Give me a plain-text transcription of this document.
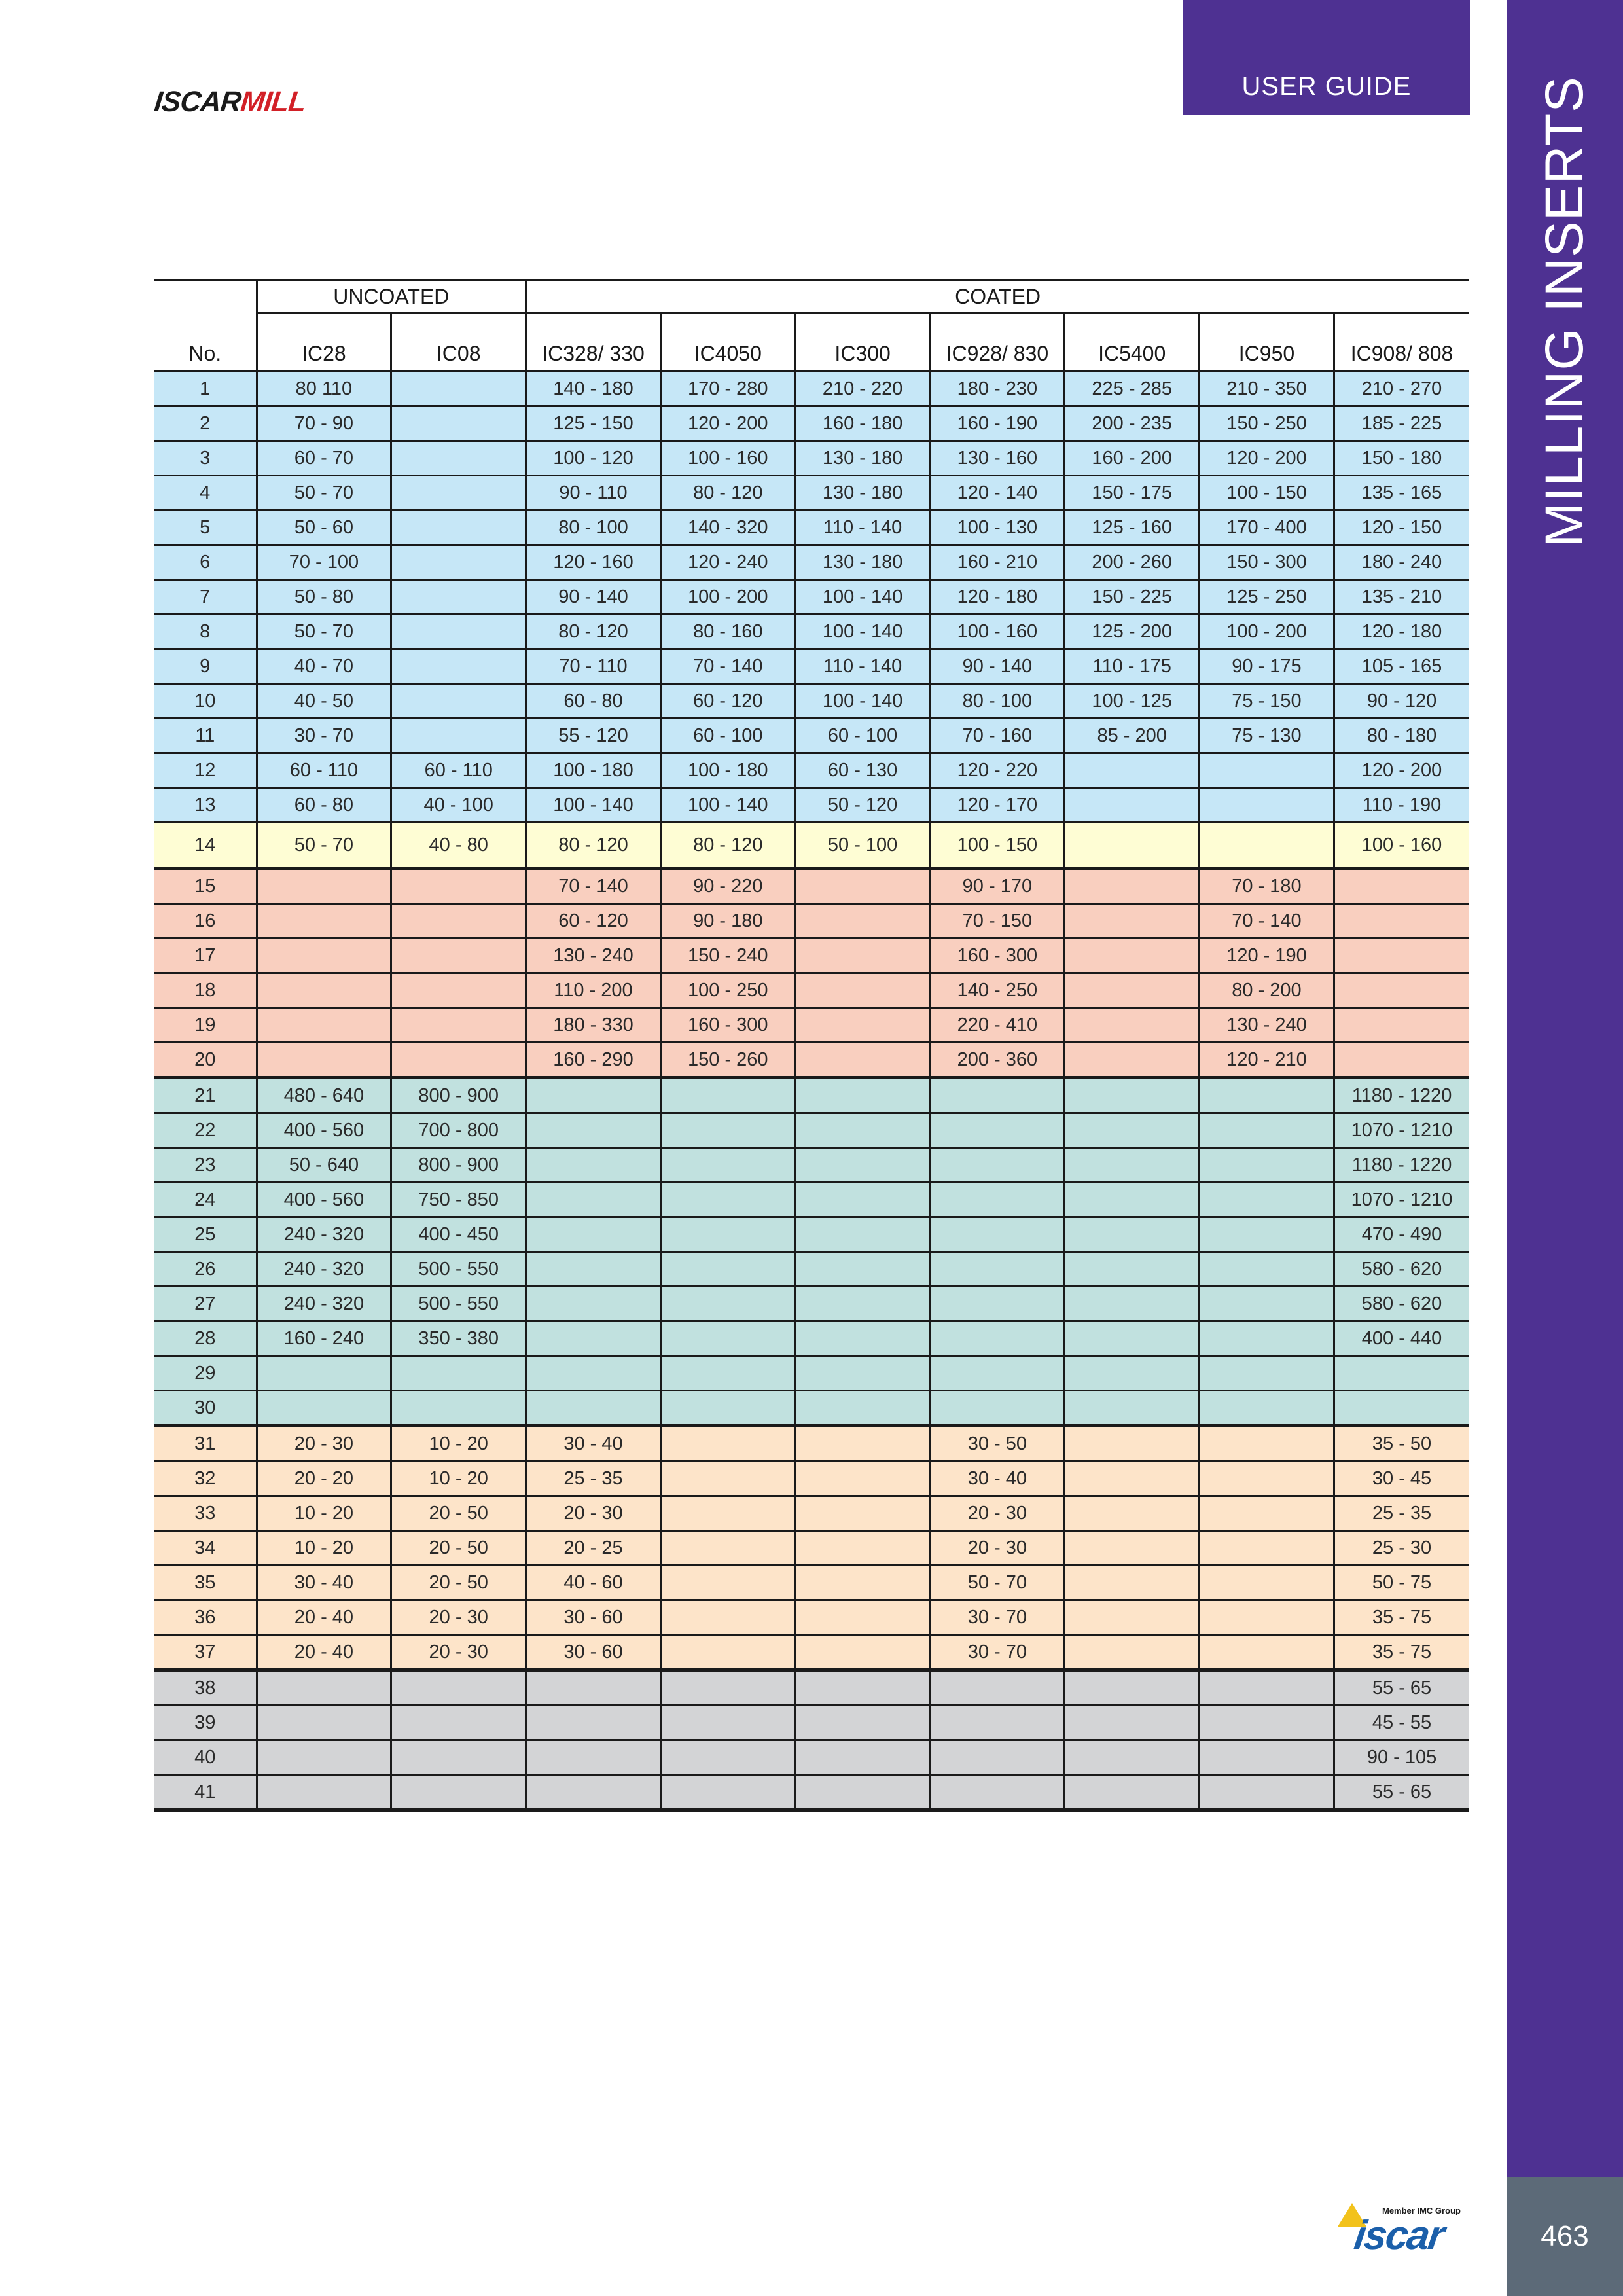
ISCARMILL	USER GUIDE MILLING INSERTS
463
Member IMC Group
iscar
	UNCOATED		COATED						
No.	IC28	IC08	IC328/ 330	IC4050	IC300	IC928/ 830	IC5400	IC950	IC908/ 808
1	80 110		140 - 180	170 - 280	210 - 220	180 - 230	225 - 285	210 - 350	210 - 270
2	70 - 90		125 - 150	120 - 200	160 - 180	160 - 190	200 - 235	150 - 250	185 - 225
3	60 - 70		100 - 120	100 - 160	130 - 180	130 - 160	160 - 200	120 - 200	150 - 180
4	50 - 70		90 - 110	80 - 120	130 - 180	120 - 140	150 - 175	100 - 150	135 - 165
5	50 - 60		80 - 100	140 - 320	110 - 140	100 - 130	125 - 160	170 - 400	120 - 150
6	70 - 100		120 - 160	120 - 240	130 - 180	160 - 210	200 - 260	150 - 300	180 - 240
7	50 - 80		90 - 140	100 - 200	100 - 140	120 - 180	150 - 225	125 - 250	135 - 210
8	50 - 70		80 - 120	80 - 160	100 - 140	100 - 160	125 - 200	100 - 200	120 - 180
9	40 - 70		70 - 110	70 - 140	110 - 140	90 - 140	110 - 175	90 - 175	105 - 165
10	40 - 50		60 - 80	60 - 120	100 - 140	80 - 100	100 - 125	75 - 150	90 - 120
11	30 - 70		55 - 120	60 - 100	60 - 100	70 - 160	85 - 200	75 - 130	80 - 180
12	60 - 110	60 - 110	100 - 180	100 - 180	60 - 130	120 - 220			120 - 200
13	60 - 80	40 - 100	100 - 140	100 - 140	50 - 120	120 - 170			110 - 190
14	50 - 70	40 - 80	80 - 120	80 - 120	50 - 100	100 - 150			100 - 160
15			70 - 140	90 - 220		90 - 170		70 - 180	
16			60 - 120	90 - 180		70 - 150		70 - 140	
17			130 - 240	150 - 240		160 - 300		120 - 190	
18			110 - 200	100 - 250		140 - 250		80 - 200	
19			180 - 330	160 - 300		220 - 410		130 - 240	
20			160 - 290	150 - 260		200 - 360		120 - 210	
21	480 - 640	800 - 900							1180 - 1220
22	400 - 560	700 - 800							1070 - 1210
23	50 - 640	800 - 900							1180 - 1220
24	400 - 560	750 - 850							1070 - 1210
25	240 - 320	400 - 450							470 - 490
26	240 - 320	500 - 550							580 - 620
27	240 - 320	500 - 550							580 - 620
28	160 - 240	350 - 380							400 - 440
29									
30									
31	20 - 30	10 - 20	30 - 40			30 - 50			35 - 50
32	20 - 20	10 - 20	25 - 35			30 - 40			30 - 45
33	10 - 20	20 - 50	20 - 30			20 - 30			25 - 35
34	10 - 20	20 - 50	20 - 25			20 - 30			25 - 30
35	30 - 40	20 - 50	40 - 60			50 - 70			50 - 75
36	20 - 40	20 - 30	30 - 60			30 - 70			35 - 75
37	20 - 40	20 - 30	30 - 60			30 - 70			35 - 75
38									55 - 65
39									45 - 55
40									90 - 105
41									55 - 65
